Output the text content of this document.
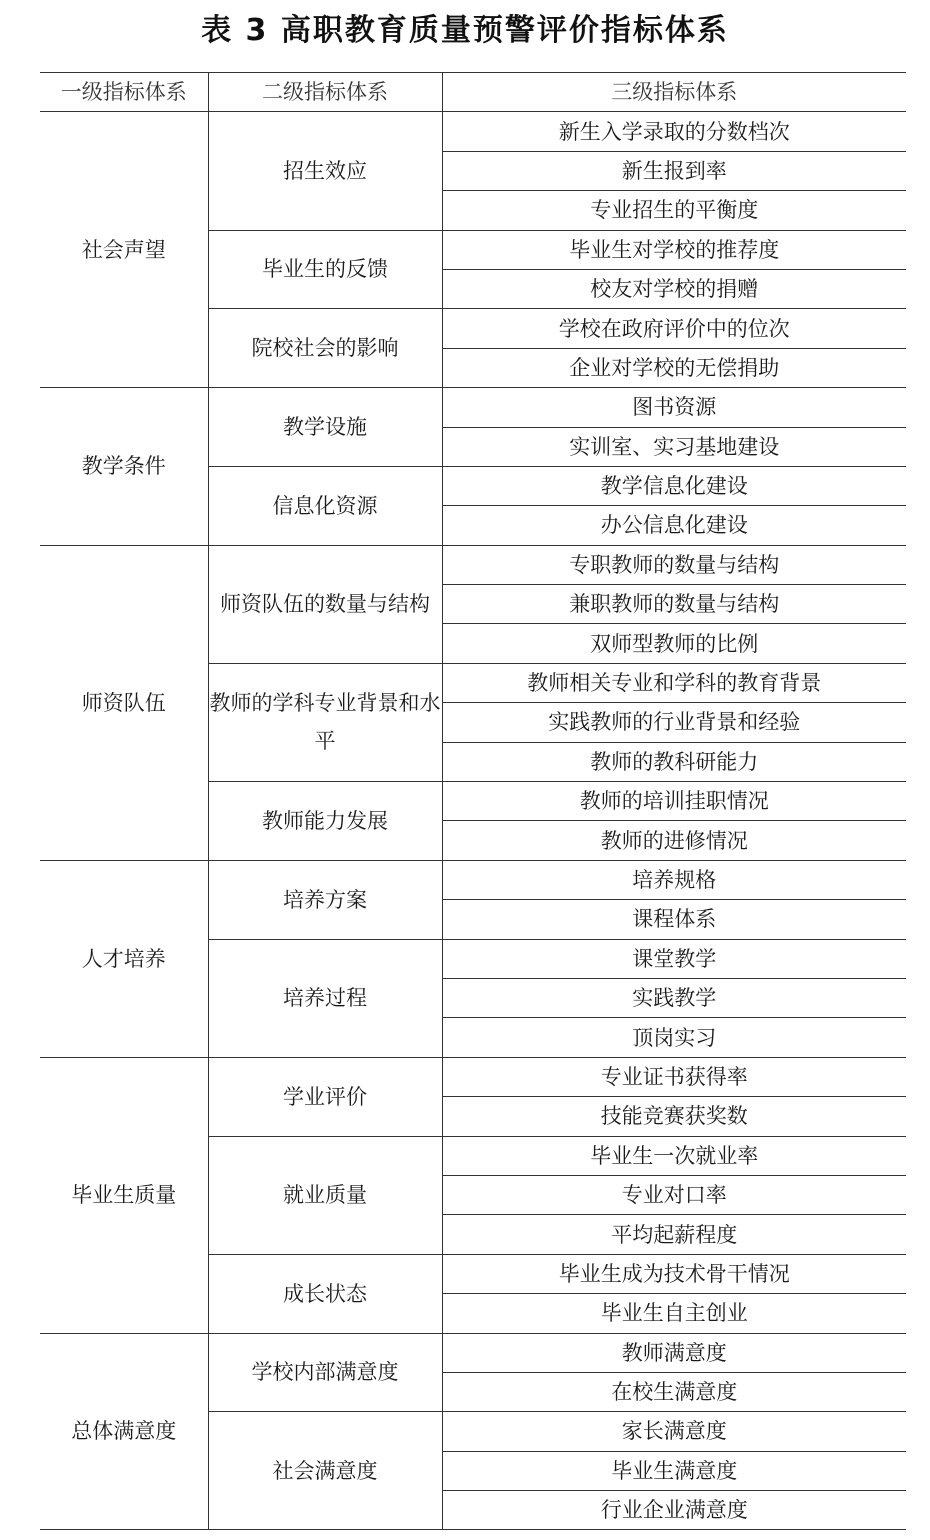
表 3 高职教育质量预警评价指标体系
一级指标体系	二级指标体系	三级指标体系
社会声望	招生效应	新生入学录取的分数档次
		新生报到率
		专业招生的平衡度
	毕业生的反馈	毕业生对学校的推荐度
		校友对学校的捐赠
	院校社会的影响	学校在政府评价中的位次
		企业对学校的无偿捐助
教学条件	教学设施	图书资源
		实训室、实习基地建设
	信息化资源	教学信息化建设
		办公信息化建设
师资队伍	师资队伍的数量与结构	专职教师的数量与结构
		兼职教师的数量与结构
		双师型教师的比例
	教师的学科专业背景和水平	教师相关专业和学科的教育背景
		实践教师的行业背景和经验
		教师的教科研能力
	教师能力发展	教师的培训挂职情况
		教师的进修情况
人才培养	培养方案	培养规格
		课程体系
	培养过程	课堂教学
		实践教学
		顶岗实习
毕业生质量	学业评价	专业证书获得率
		技能竞赛获奖数
	就业质量	毕业生一次就业率
		专业对口率
		平均起薪程度
	成长状态	毕业生成为技术骨干情况
		毕业生自主创业
总体满意度	学校内部满意度	教师满意度
		在校生满意度
	社会满意度	家长满意度
		毕业生满意度
		行业企业满意度
